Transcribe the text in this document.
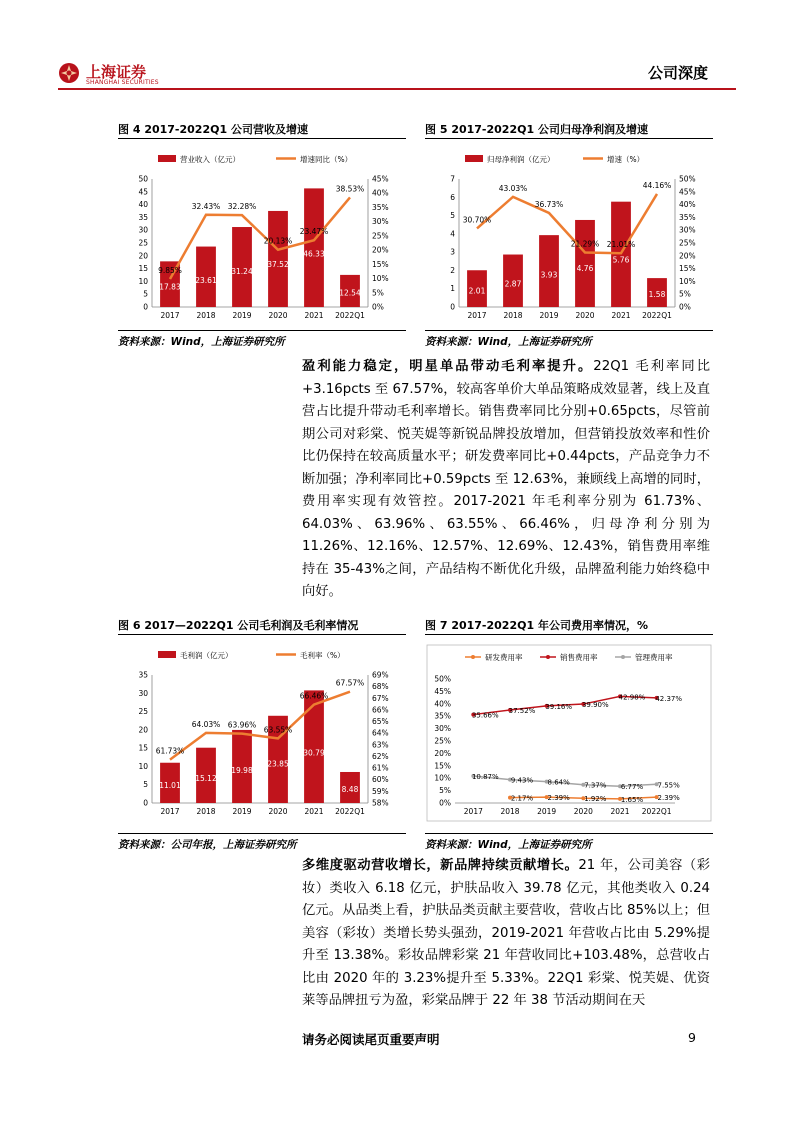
上海证券
SHANGHAI SECURITIES
公司深度
图 4 2017-2022Q1 公司营收及增速	图 5 2017-2022Q1 公司归母净利润及增速
营业收入（亿元）	增速同比（%）
0
5
10
15
20
25
30
35
40
45
50
0%
5%
10%
15%
20%
25%
30%
35%
40%
45%
17.83
2017
23.61
2018
31.24
2019
37.52
2020
46.33
2021
12.54
2022Q1
9.85%
32.43% 32.28%
20.13%
23.47%
38.53%
归母净利润（亿元）	增速（%）
0
1
2
3
4
5
6
7
0%
5%
10%
15%
20%
25%
30%
35%
40%
45%
50%
2.01
2017
2.87
2018
3.93
2019
4.76
2020
5.76
2021
1.58
2022Q1
30.70%
43.03%
36.73%
21.29% 21.01%
44.16%
资料来源：Wind，上海证券研究所	资料来源：Wind，上海证券研究所
盈利能力稳定，明星单品带动毛利率提升。22Q1 毛利率同比+3.16pcts 至 67.57%，较高客单价大单品策略成效显著，线上及直营占比提升带动毛利率增长。销售费率同比分别+0.65pcts，尽管前期公司对彩棠、悦芙媞等新锐品牌投放增加，但营销投放效率和性价比仍保持在较高质量水平；研发费率同比+0.44pcts，产品竞争力不断加强；净利率同比+0.59pcts 至 12.63%，兼顾线上高增的同时，费用率实现有效管控。2017-2021 年毛利率分别为 61.73%、64.03%、63.96%、63.55%、66.46%，归母净利分别为 11.26%、12.16%、12.57%、12.69%、12.43%，销售费用率维持在 35-43%之间，产品结构不断优化升级，品牌盈利能力始终稳中向好。
图 6 2017—2022Q1 公司毛利润及毛利率情况	图 7 2017-2022Q1 年公司费用率情况，%
毛利润（亿元）	毛利率（%）
0
5
10
15
20
25
30
35
58%
59%
60%
61%
62%
63%
64%
65%
66%
67%
68%
69%
11.01
2017
15.12
2018
19.98
2019
23.85
2020
30.79
2021
8.48
2022Q1
61.73%
64.03% 63.96%
63.55%
66.46%
67.57%
研发费用率	销售费用率	管理费用率
0%
5%
10%
15%
20%
25%
30%
35%
40%
45%
50%
2017 2018 2019 2020 2021 2022Q1
2.17% 2.39% 1.92% 1.65% 2.39%
35.66%
37.52%
39.16% 39.90%
42.98% 42.37%
10.87% 9.43% 8.64% 7.37% 6.77% 7.55%
资料来源：公司年报，上海证券研究所	资料来源：Wind，上海证券研究所
多维度驱动营收增长，新品牌持续贡献增长。21 年，公司美容（彩妆）类收入 6.18 亿元，护肤品收入 39.78 亿元，其他类收入 0.24 亿元。从品类上看，护肤品类贡献主要营收，营收占比 85%以上；但美容（彩妆）类增长势头强劲，2019-2021 年营收占比由 5.29%提升至 13.38%。彩妆品牌彩棠 21 年营收同比+103.48%，总营收占比由 2020 年的 3.23%提升至 5.33%。22Q1 彩棠、悦芙媞、优资莱等品牌扭亏为盈，彩棠品牌于 22 年 38 节活动期间在天
请务必阅读尾页重要声明	9
